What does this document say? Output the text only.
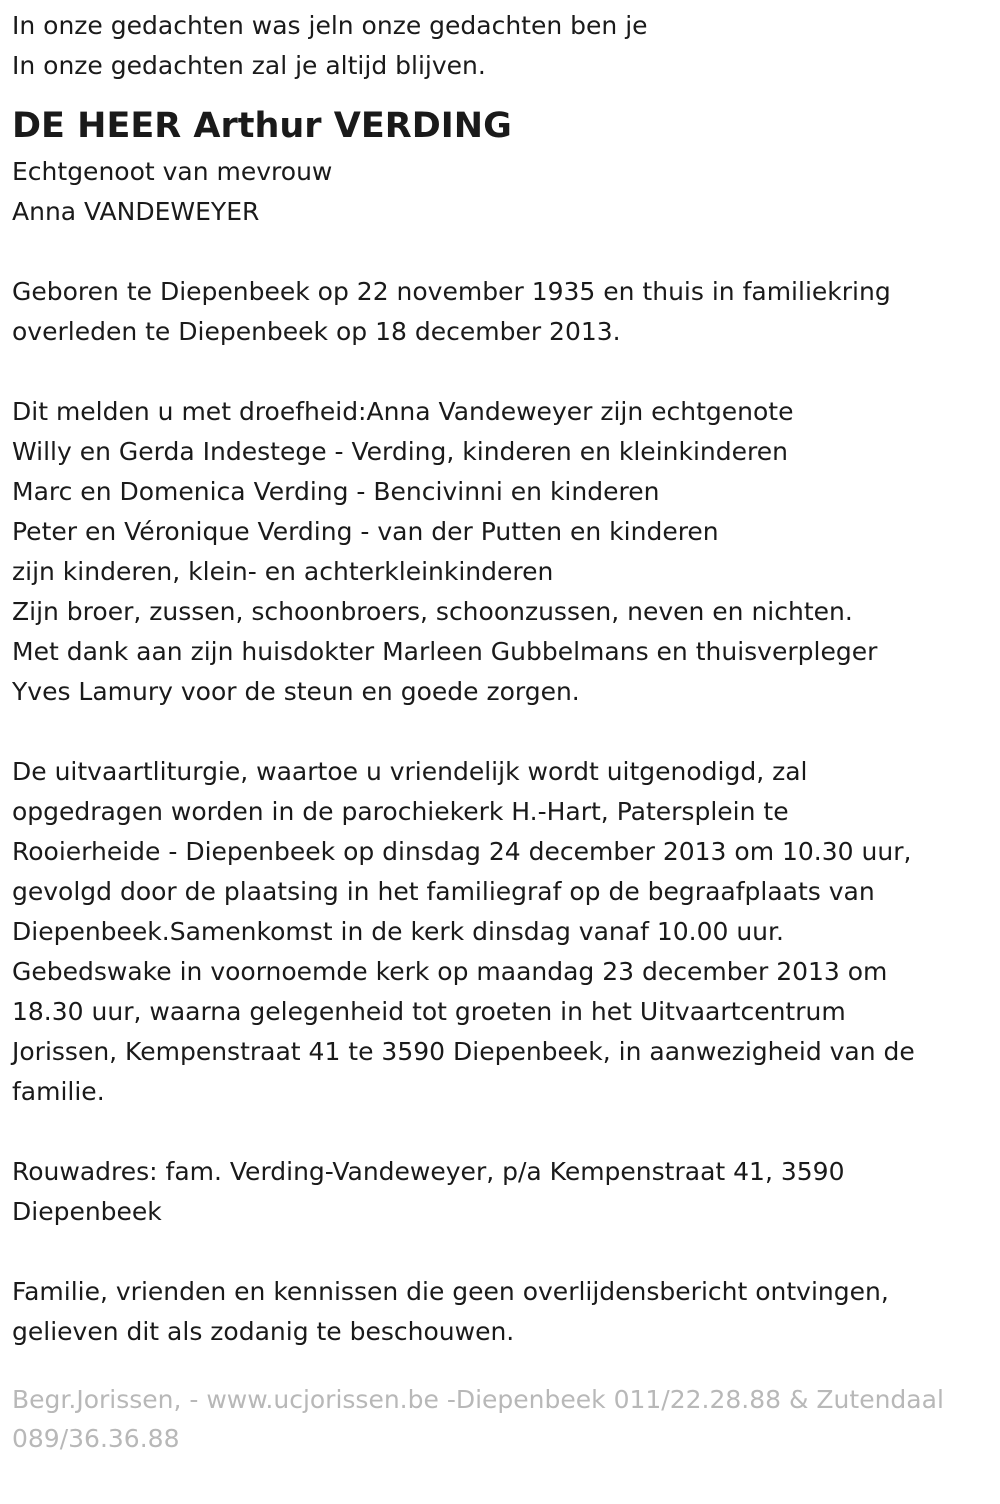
In onze gedachten was jeln onze gedachten ben je
In onze gedachten zal je altijd blijven.
DE HEER Arthur VERDING
Echtgenoot van mevrouw
Anna VANDEWEYER
Geboren te Diepenbeek op 22 november 1935 en thuis in familiekring
overleden te Diepenbeek op 18 december 2013.
Dit melden u met droefheid:Anna Vandeweyer zijn echtgenote
Willy en Gerda Indestege - Verding, kinderen en kleinkinderen
Marc en Domenica Verding - Bencivinni en kinderen
Peter en Véronique Verding - van der Putten en kinderen
zijn kinderen, klein- en achterkleinkinderen
Zijn broer, zussen, schoonbroers, schoonzussen, neven en nichten.
Met dank aan zijn huisdokter Marleen Gubbelmans en thuisverpleger
Yves Lamury voor de steun en goede zorgen.
De uitvaartliturgie, waartoe u vriendelijk wordt uitgenodigd, zal
opgedragen worden in de parochiekerk H.-Hart, Patersplein te
Rooierheide - Diepenbeek op dinsdag 24 december 2013 om 10.30 uur,
gevolgd door de plaatsing in het familiegraf op de begraafplaats van
Diepenbeek.Samenkomst in de kerk dinsdag vanaf 10.00 uur.
Gebedswake in voornoemde kerk op maandag 23 december 2013 om
18.30 uur, waarna gelegenheid tot groeten in het Uitvaartcentrum
Jorissen, Kempenstraat 41 te 3590 Diepenbeek, in aanwezigheid van de
familie.
Rouwadres: fam. Verding-Vandeweyer, p/a Kempenstraat 41, 3590
Diepenbeek
Familie, vrienden en kennissen die geen overlijdensbericht ontvingen,
gelieven dit als zodanig te beschouwen.
Begr.Jorissen, - www.ucjorissen.be -Diepenbeek 011/22.28.88 & Zutendaal
089/36.36.88
